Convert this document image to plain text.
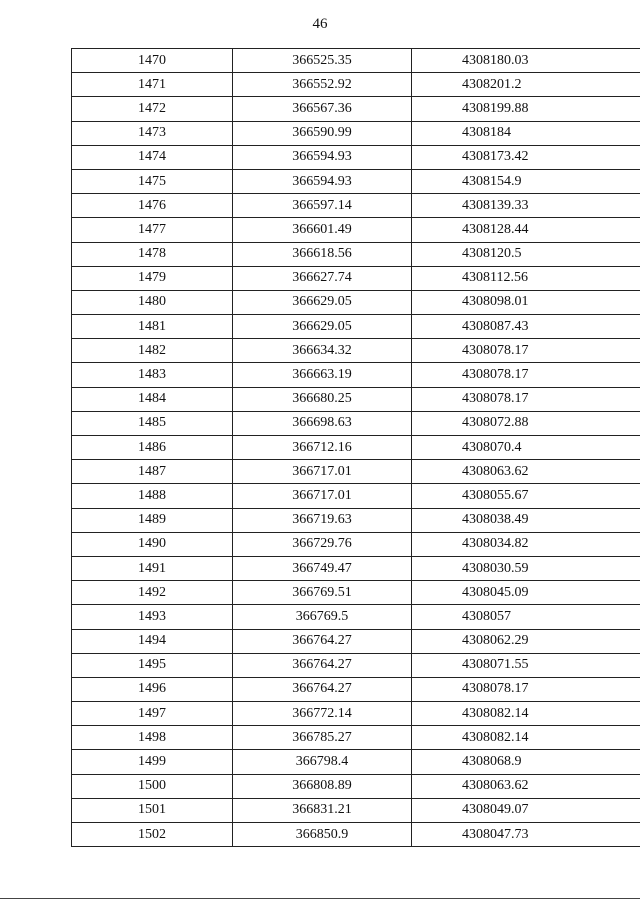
46
1470	366525.35	4308180.03
1471	366552.92	4308201.2
1472	366567.36	4308199.88
1473	366590.99	4308184
1474	366594.93	4308173.42
1475	366594.93	4308154.9
1476	366597.14	4308139.33
1477	366601.49	4308128.44
1478	366618.56	4308120.5
1479	366627.74	4308112.56
1480	366629.05	4308098.01
1481	366629.05	4308087.43
1482	366634.32	4308078.17
1483	366663.19	4308078.17
1484	366680.25	4308078.17
1485	366698.63	4308072.88
1486	366712.16	4308070.4
1487	366717.01	4308063.62
1488	366717.01	4308055.67
1489	366719.63	4308038.49
1490	366729.76	4308034.82
1491	366749.47	4308030.59
1492	366769.51	4308045.09
1493	366769.5	4308057
1494	366764.27	4308062.29
1495	366764.27	4308071.55
1496	366764.27	4308078.17
1497	366772.14	4308082.14
1498	366785.27	4308082.14
1499	366798.4	4308068.9
1500	366808.89	4308063.62
1501	366831.21	4308049.07
1502	366850.9	4308047.73
